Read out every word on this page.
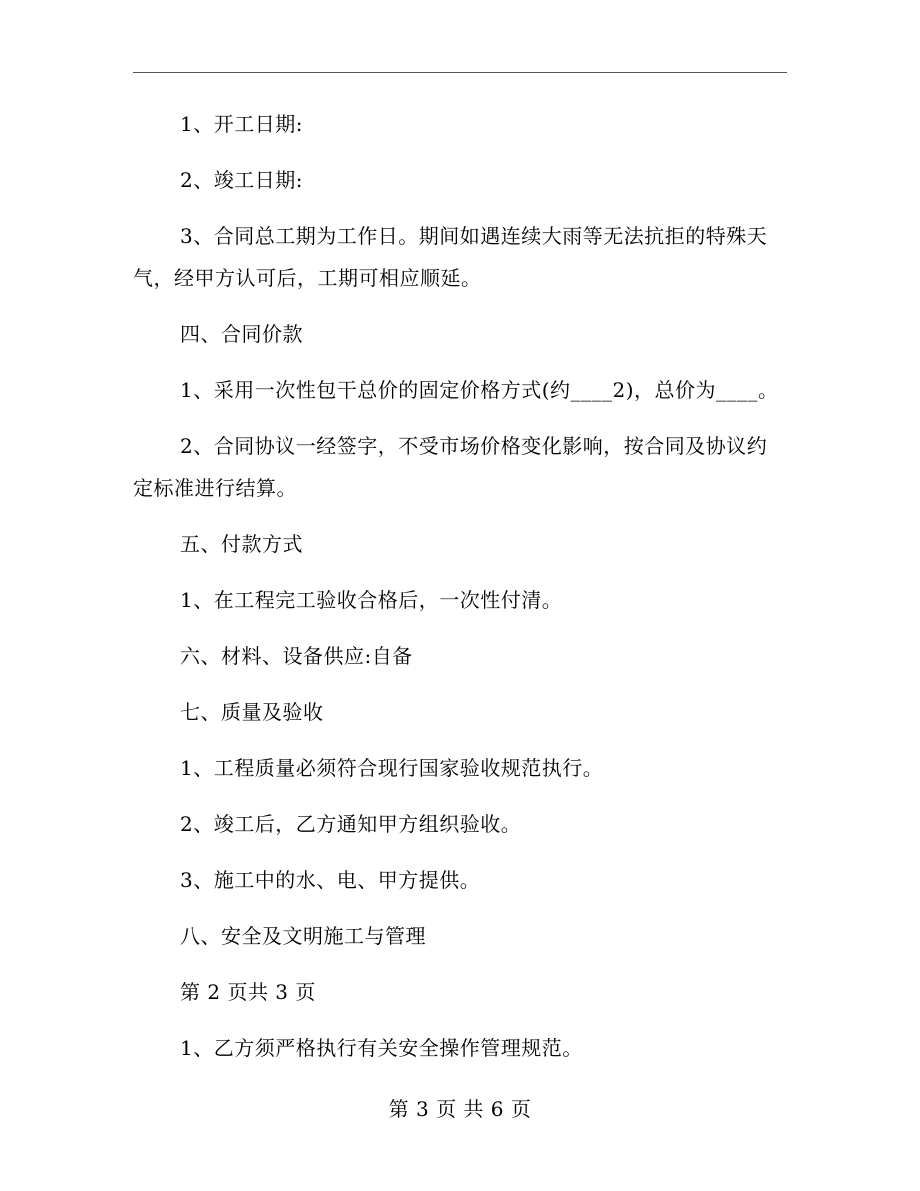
1、开工日期:
2、竣工日期:
3、合同总工期为工作日。期间如遇连续大雨等无法抗拒的特殊天
气，经甲方认可后，工期可相应顺延。
四、合同价款
1、采用一次性包干总价的固定价格方式(约____2)，总价为____。
2、合同协议一经签字，不受市场价格变化影响，按合同及协议约
定标准进行结算。
五、付款方式
1、在工程完工验收合格后，一次性付清。
六、材料、设备供应:自备
七、质量及验收
1、工程质量必须符合现行国家验收规范执行。
2、竣工后，乙方通知甲方组织验收。
3、施工中的水、电、甲方提供。
八、安全及文明施工与管理
第 2 页共 3 页
1、乙方须严格执行有关安全操作管理规范。
第 3 页 共 6 页
